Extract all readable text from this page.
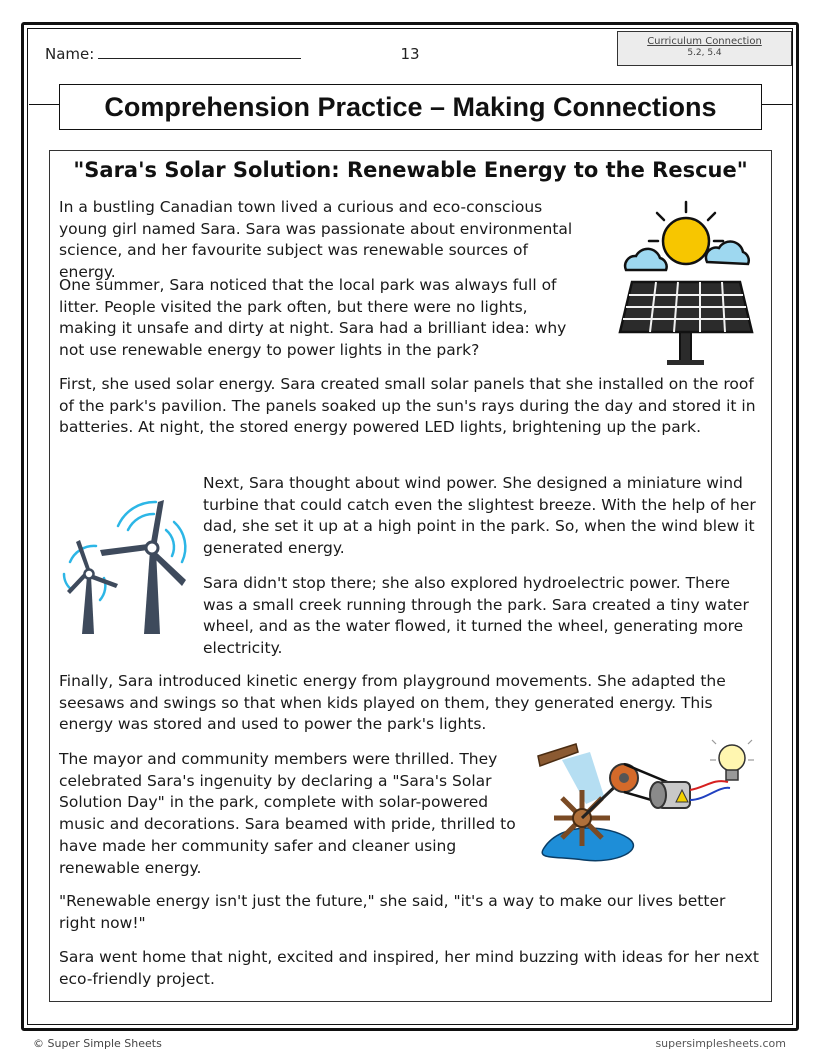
Name:	13
Curriculum Connection
5.2, 5.4
Comprehension Practice – Making Connections
"Sara's Solar Solution: Renewable Energy to the Rescue"
In a bustling Canadian town lived a curious and eco-conscious young girl named Sara. Sara was passionate about environmental science, and her favourite subject was renewable sources of energy.
One summer, Sara noticed that the local park was always full of litter. People visited the park often, but there were no lights, making it unsafe and dirty at night. Sara had a brilliant idea: why not use renewable energy to power lights in the park?
First, she used solar energy. Sara created small solar panels that she installed on the roof of the park's pavilion. The panels soaked up the sun's rays during the day and stored it in batteries. At night, the stored energy powered LED lights, brightening up the park.
Next, Sara thought about wind power. She designed a miniature wind turbine that could catch even the slightest breeze. With the help of her dad, she set it up at a high point in the park. So, when the wind blew it generated energy.
Sara didn't stop there; she also explored hydroelectric power. There was a small creek running through the park. Sara created a tiny water wheel, and as the water flowed, it turned the wheel, generating more electricity.
Finally, Sara introduced kinetic energy from playground movements. She adapted the seesaws and swings so that when kids played on them, they generated energy. This energy was stored and used to power the park's lights.
The mayor and community members were thrilled. They celebrated Sara's ingenuity by declaring a "Sara's Solar Solution Day" in the park, complete with solar-powered music and decorations. Sara beamed with pride, thrilled to have made her community safer and cleaner using renewable energy.
"Renewable energy isn't just the future," she said, "it's a way to make our lives better right now!"
Sara went home that night, excited and inspired, her mind buzzing with ideas for her next eco-friendly project.
© Super Simple Sheets	supersimplesheets.com
